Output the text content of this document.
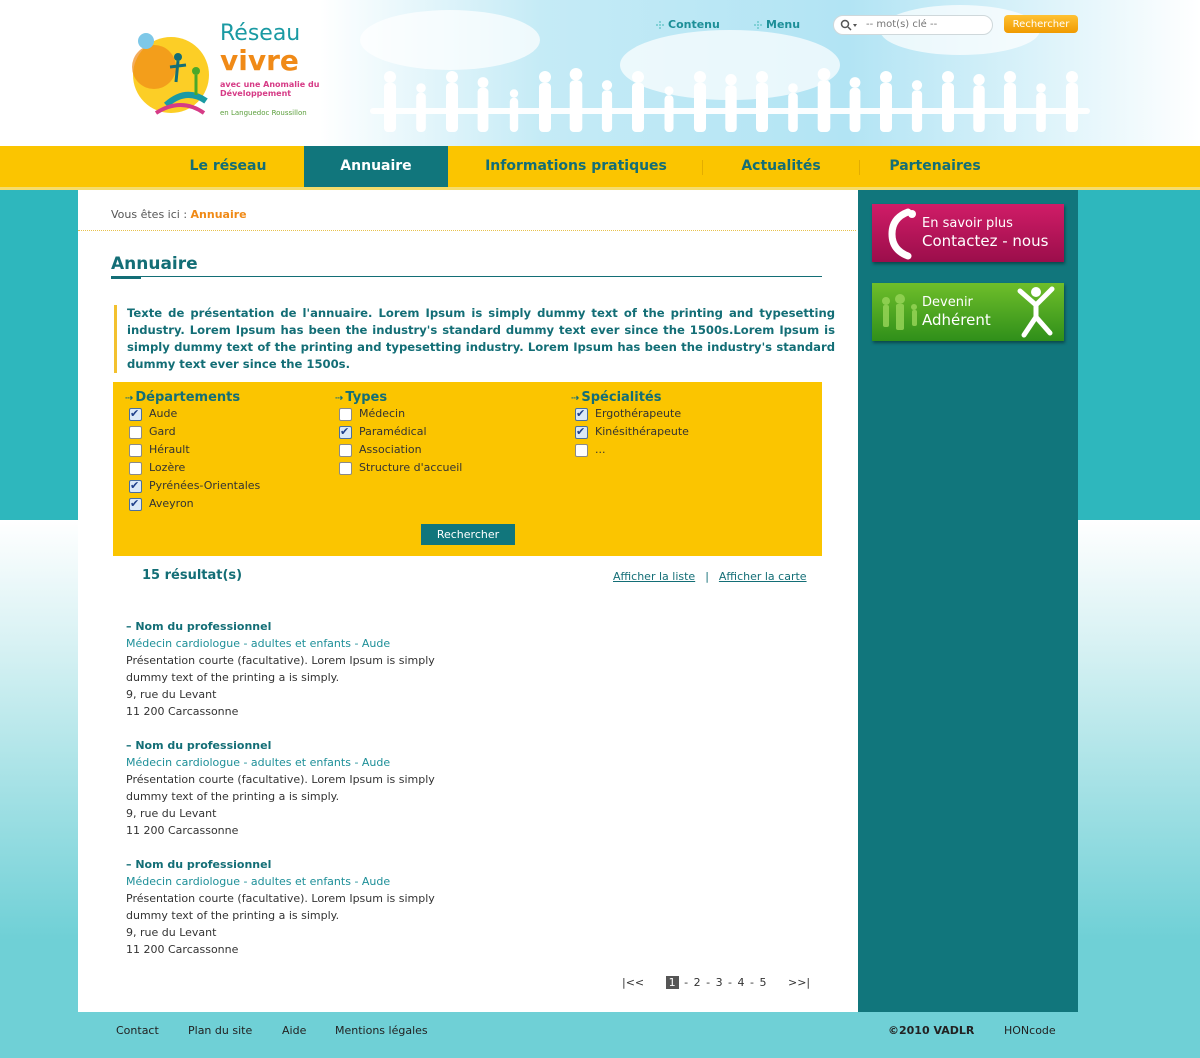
Réseau
vivre
avec une Anomalie du Développement
en Languedoc Roussillon
Contenu	Menu
-- mot(s) clé --	Rechercher
Le réseau	Annuaire	Informations pratiques	Actualités	Partenaires
Vous êtes ici : Annuaire
Annuaire
Texte de présentation de l'annuaire. Lorem Ipsum is simply dummy text of the printing and typesetting industry. Lorem Ipsum has been the industry's standard dummy text ever since the 1500s.Lorem Ipsum is simply dummy text of the printing and typesetting industry. Lorem Ipsum has been the industry's standard dummy text ever since the 1500s.
⇢ Départements
✔
Aude
Gard
Hérault
Lozère
✔
Pyrénées-Orientales
✔
Aveyron
⇢ Types
Médecin
✔
Paramédical
Association
Structure d'accueil
⇢ Spécialités
✔
Ergothérapeute
✔
Kinésithérapeute
...
Rechercher
15 résultat(s)	Afficher la liste | Afficher la carte
– Nom du professionnel
Médecin cardiologue - adultes et enfants - Aude
Présentation courte (facultative). Lorem Ipsum is simply
dummy text of the printing a is simply.
9, rue du Levant
11 200 Carcassonne
– Nom du professionnel
Médecin cardiologue - adultes et enfants - Aude
Présentation courte (facultative). Lorem Ipsum is simply
dummy text of the printing a is simply.
9, rue du Levant
11 200 Carcassonne
– Nom du professionnel
Médecin cardiologue - adultes et enfants - Aude
Présentation courte (facultative). Lorem Ipsum is simply
dummy text of the printing a is simply.
9, rue du Levant
11 200 Carcassonne
|<< 1 - 2 - 3 - 4 - 5 >>|
En savoir plus
Contactez - nous
Devenir
Adhérent
Contact	Plan du site	Aide	Mentions légales	©2010 VADLR	HONcode
